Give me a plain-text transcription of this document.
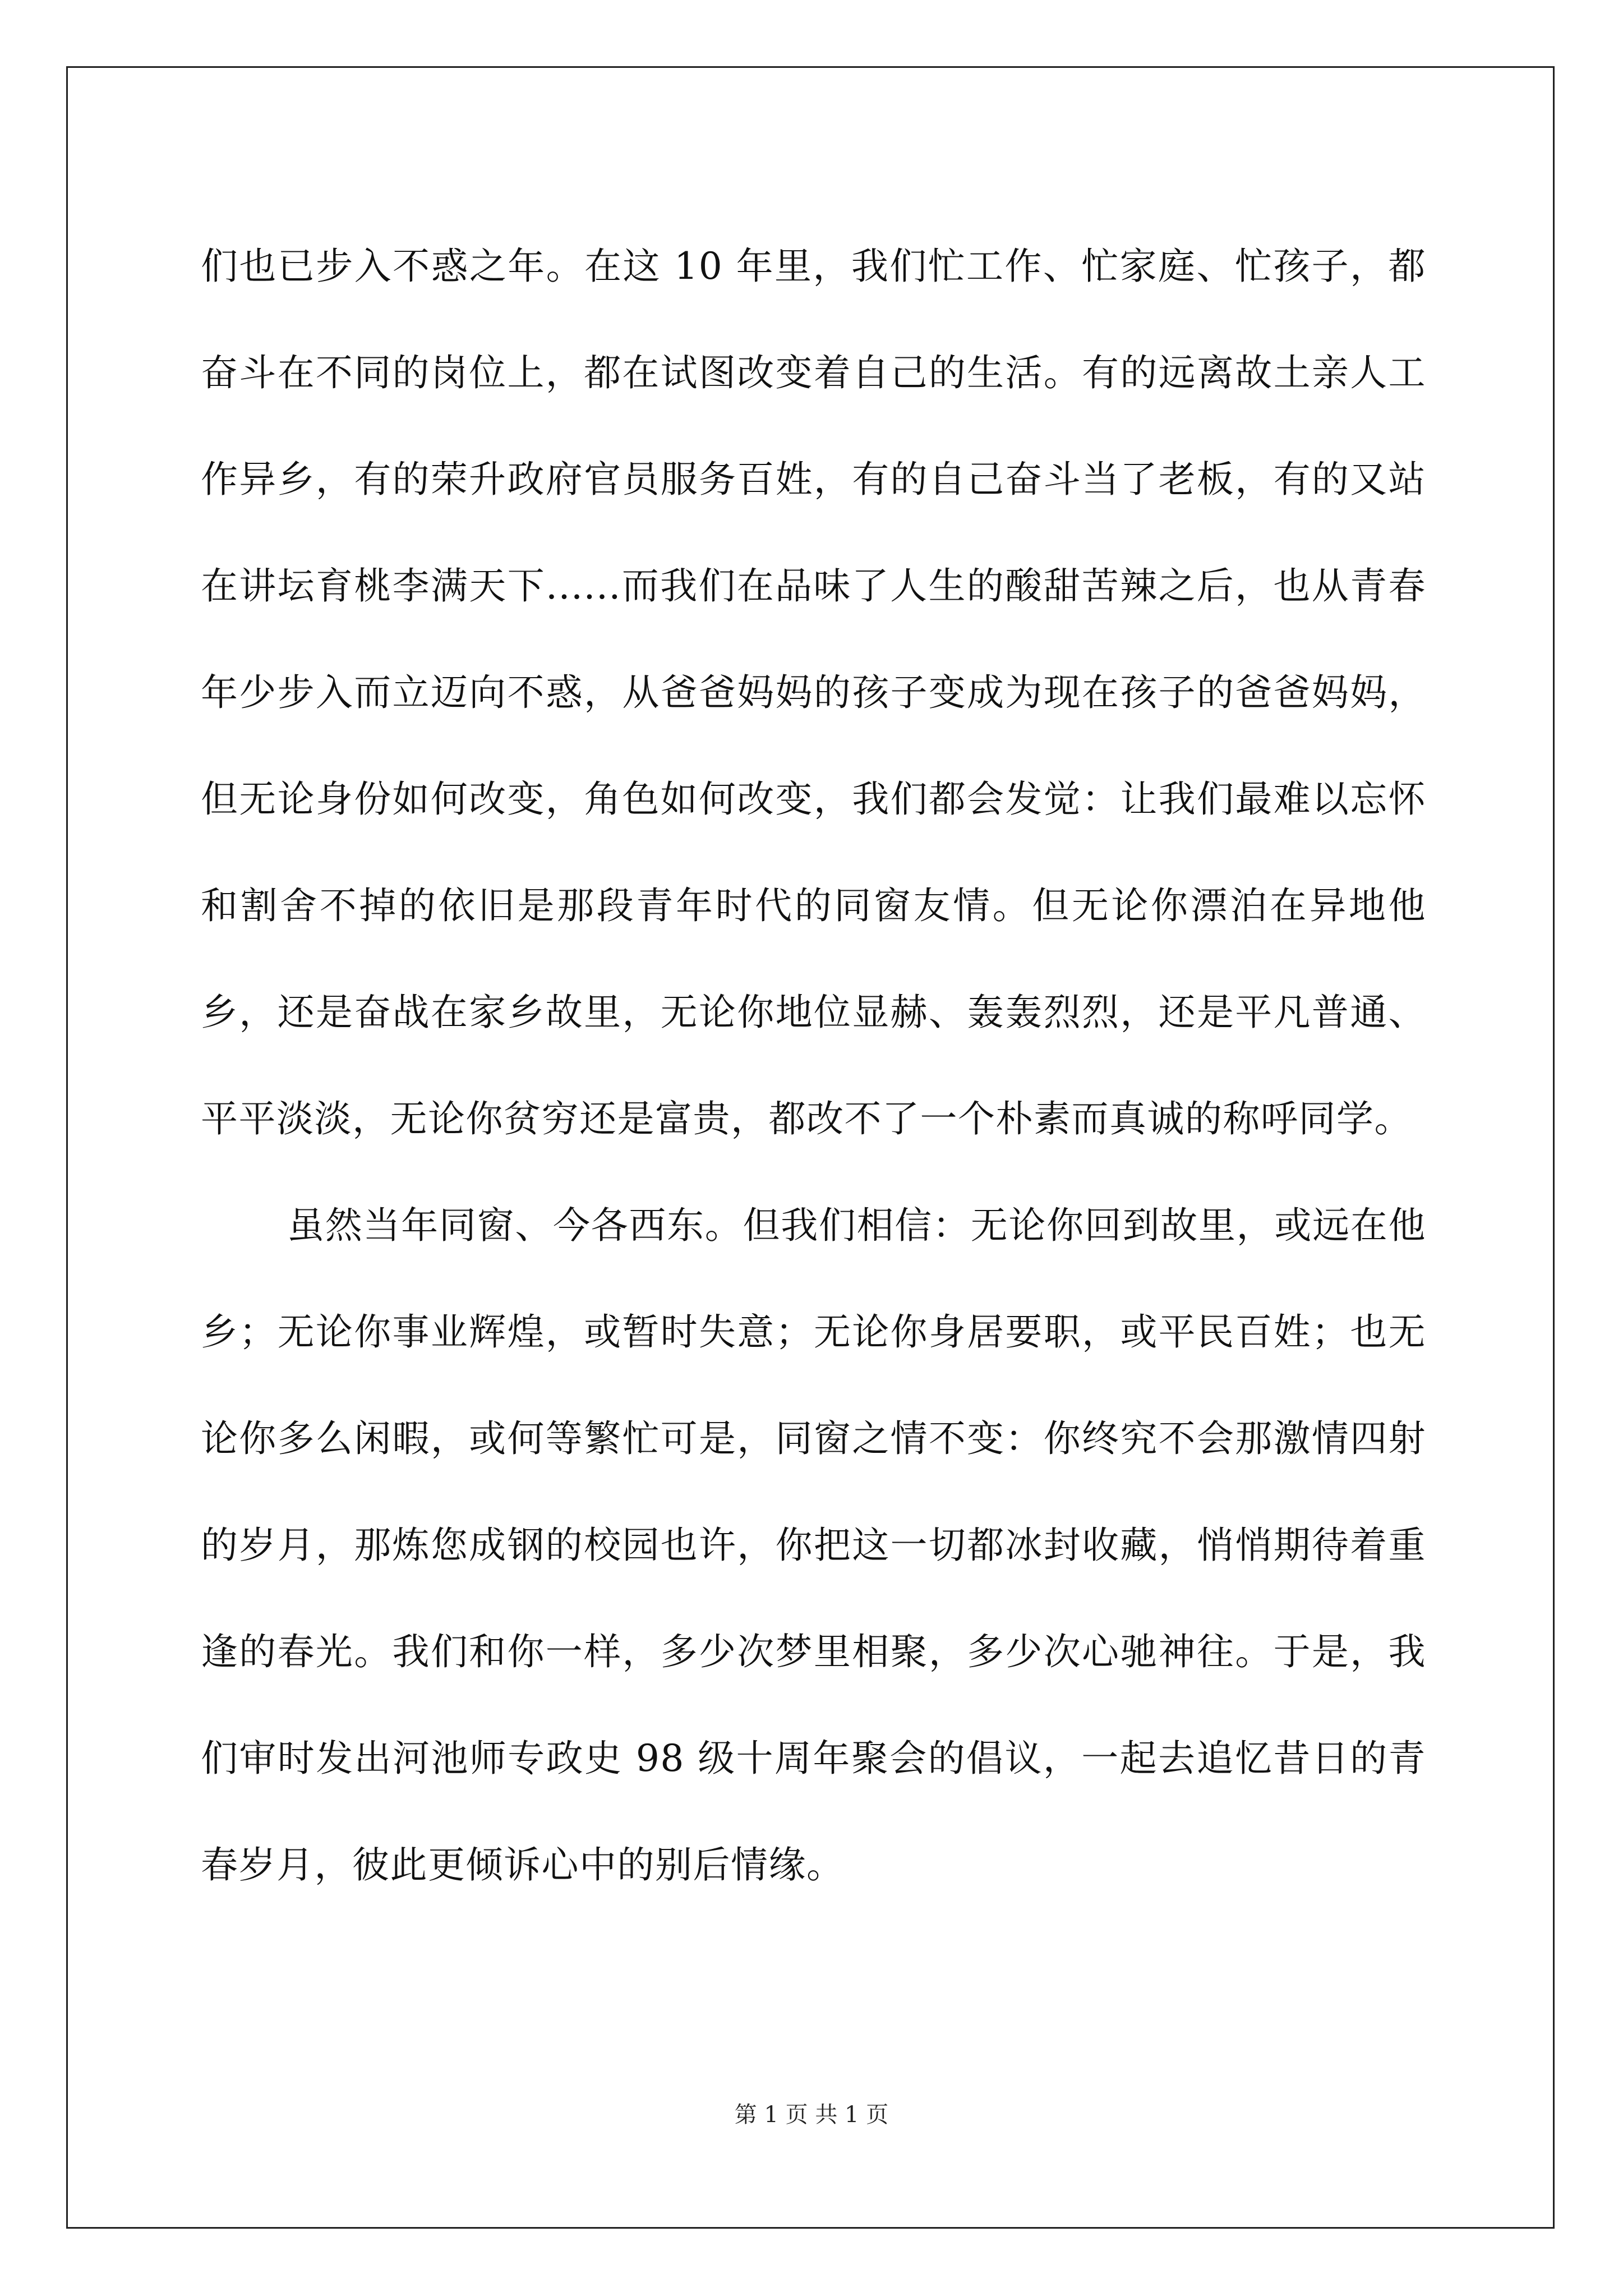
们也已步入不惑之年。在这 10 年里，我们忙工作、忙家庭、忙孩子，都奋斗在不同的岗位上，都在试图改变着自己的生活。有的远离故土亲人工作异乡，有的荣升政府官员服务百姓，有的自己奋斗当了老板，有的又站在讲坛育桃李满天下......而我们在品味了人生的酸甜苦辣之后，也从青春年少步入而立迈向不惑，从爸爸妈妈的孩子变成为现在孩子的爸爸妈妈，但无论身份如何改变，角色如何改变，我们都会发觉：让我们最难以忘怀和割舍不掉的依旧是那段青年时代的同窗友情。但无论你漂泊在异地他乡，还是奋战在家乡故里，无论你地位显赫、轰轰烈烈，还是平凡普通、平平淡淡，无论你贫穷还是富贵，都改不了一个朴素而真诚的称呼同学。

虽然当年同窗、今各西东。但我们相信：无论你回到故里，或远在他乡；无论你事业辉煌，或暂时失意；无论你身居要职，或平民百姓；也无论你多么闲暇，或何等繁忙可是，同窗之情不变：你终究不会那激情四射的岁月，那炼您成钢的校园也许，你把这一切都冰封收藏，悄悄期待着重逢的春光。我们和你一样，多少次梦里相聚，多少次心驰神往。于是，我们审时发出河池师专政史 98 级十周年聚会的倡议，一起去追忆昔日的青春岁月，彼此更倾诉心中的别后情缘。

第 1 页 共 1 页
